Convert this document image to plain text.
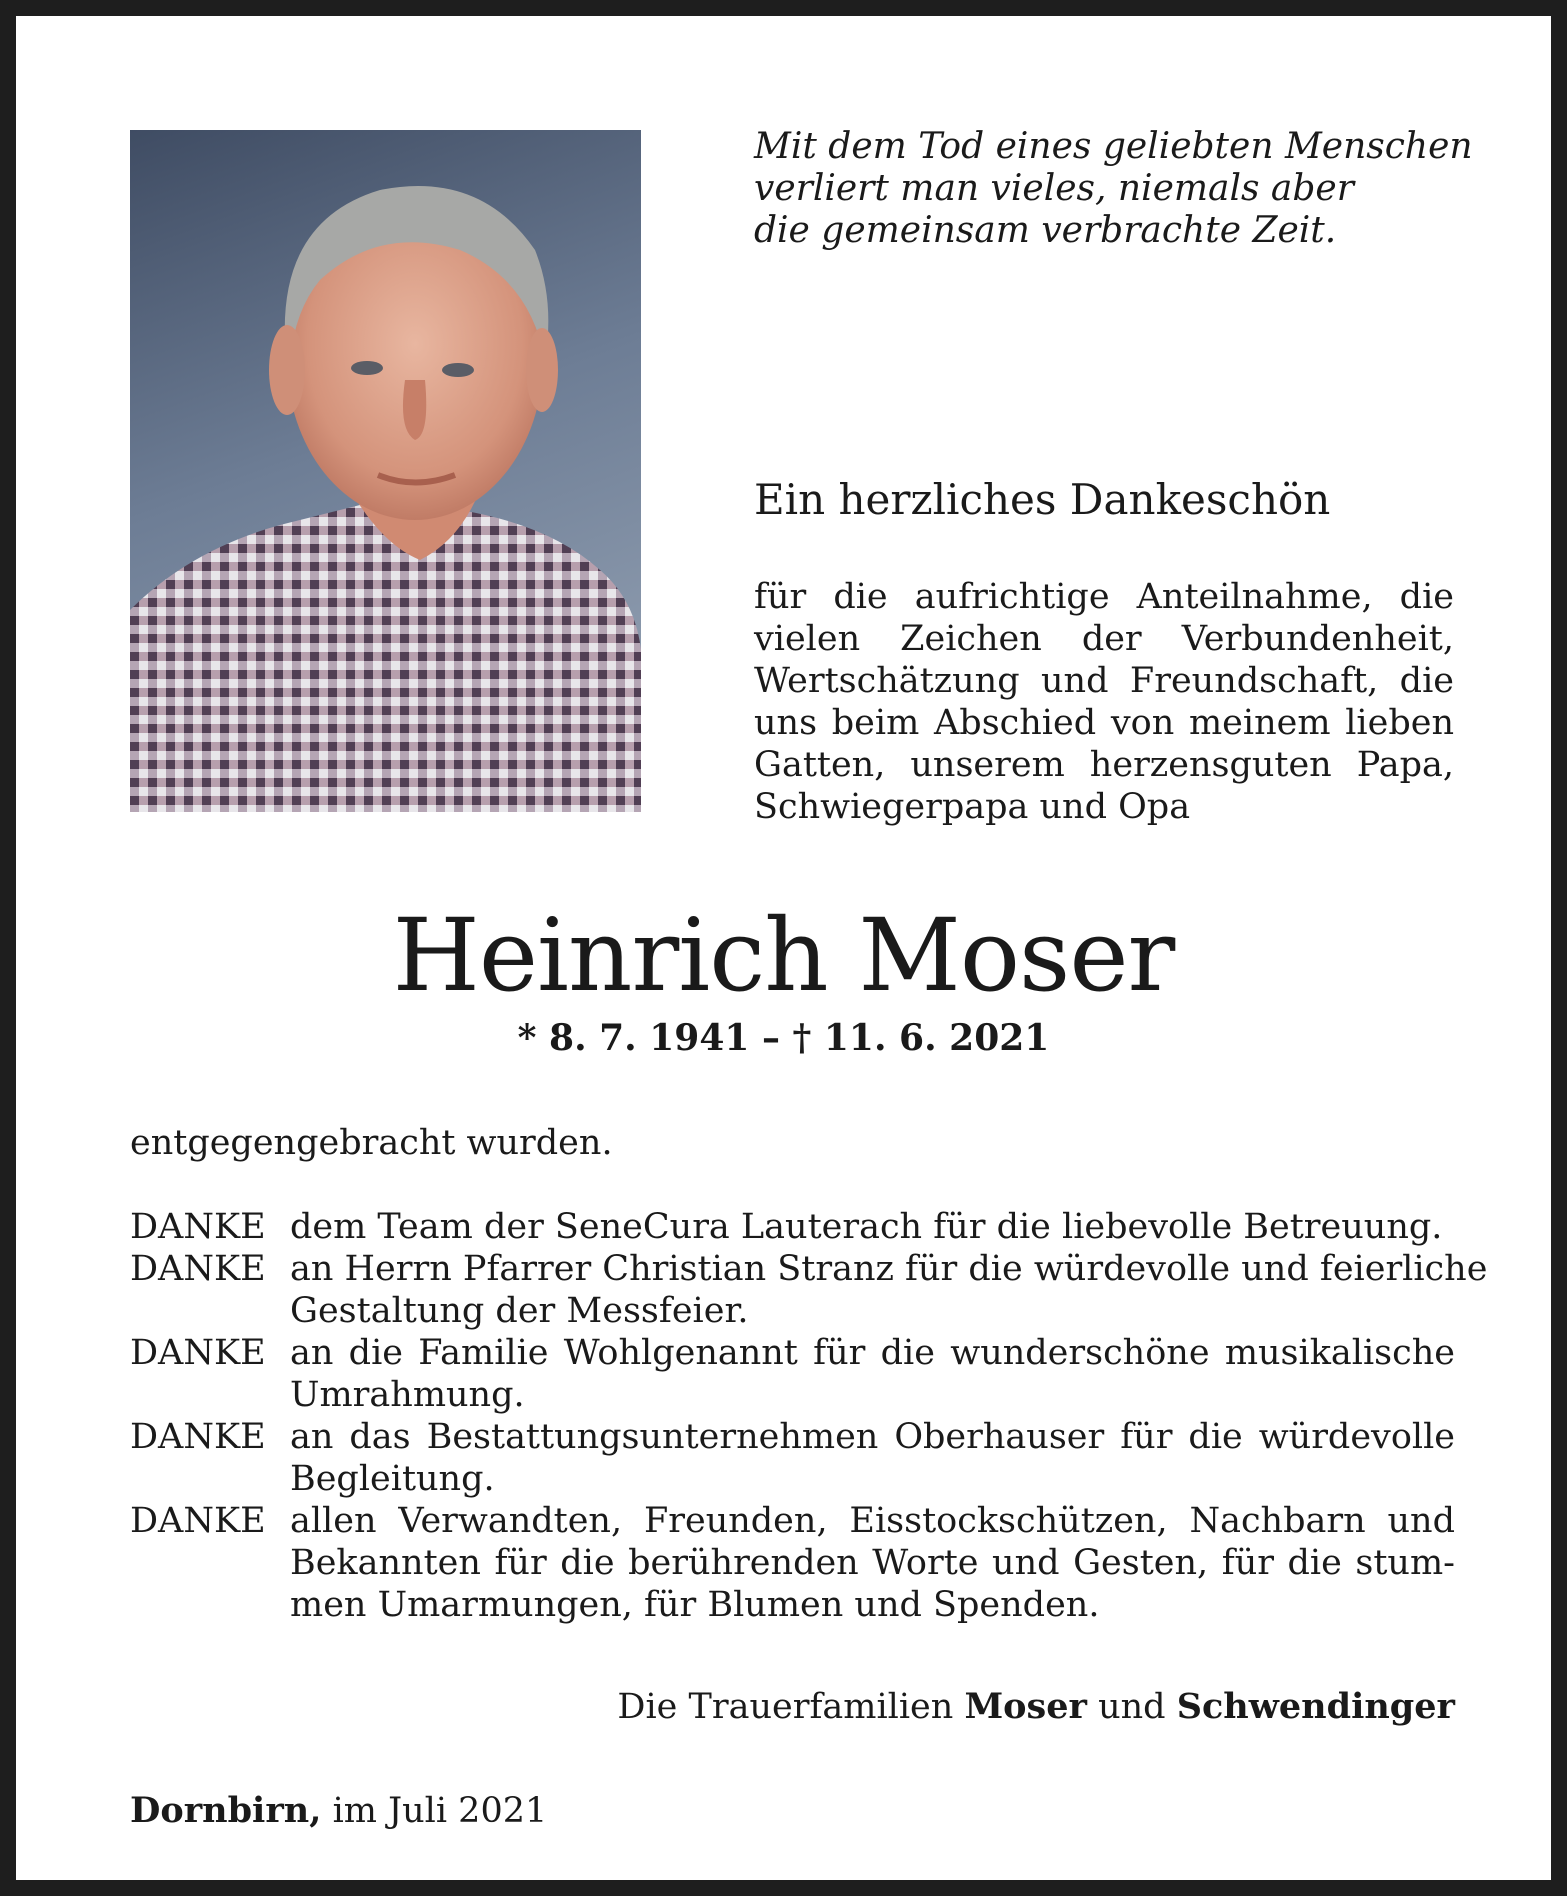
Mit dem Tod eines geliebten Menschen
verliert man vieles, niemals aber
die gemeinsam verbrachte Zeit.
Ein herzliches Dankeschön
für die aufrichtige Anteilnahme, die
vielen Zeichen der Verbundenheit,
Wertschätzung und Freundschaft, die
uns beim Abschied von meinem lieben
Gatten, unserem herzensguten Papa,
Schwiegerpapa und Opa
Heinrich Moser
* 8. 7. 1941 – † 11. 6. 2021
entgegengebracht wurden.
DANKE dem Team der SeneCura Lauterach für die liebevolle Betreuung.
DANKE an Herrn Pfarrer Christian Stranz für die würdevolle und feierliche
Gestaltung der Messfeier.
DANKE an die Familie Wohlgenannt für die wunderschöne musikalische
Umrahmung.
DANKE an das Bestattungsunternehmen Oberhauser für die würdevolle
Begleitung.
DANKE allen Verwandten, Freunden, Eisstockschützen, Nachbarn und
Bekannten für die berührenden Worte und Gesten, für die stum-
men Umarmungen, für Blumen und Spenden.
Die Trauerfamilien Moser und Schwendinger
Dornbirn, im Juli 2021
